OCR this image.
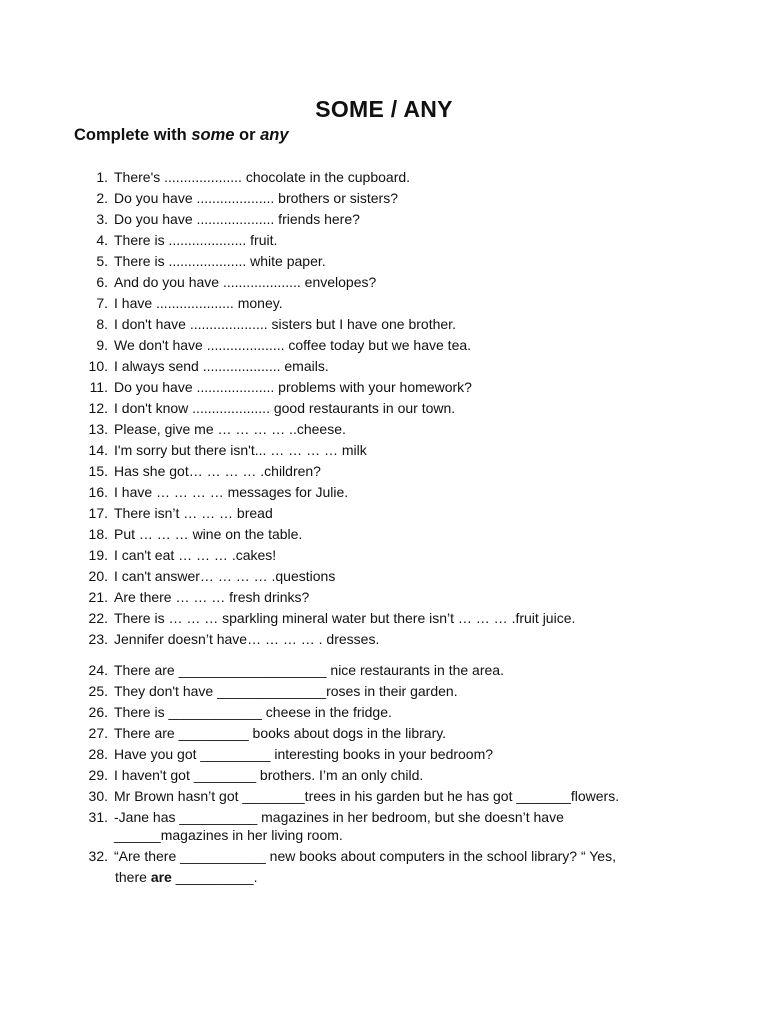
SOME / ANY
Complete with some or any
1. There's .................... chocolate in the cupboard.
2. Do you have .................... brothers or sisters?
3. Do you have .................... friends here?
4. There is .................... fruit.
5. There is .................... white paper.
6. And do you have .................... envelopes?
7. I have .................... money.
8. I don't have .................... sisters but I have one brother.
9. We don't have .................... coffee today but we have tea.
10. I always send .................... emails.
11. Do you have .................... problems with your homework?
12. I don't know .................... good restaurants in our town.
13. Please, give me … … … … ..cheese.
14. I'm sorry but there isn't... … … … … milk
15. Has she got… … … … .children?
16. I have … … … … messages for Julie.
17. There isn’t … … … bread
18. Put … … … wine on the table.
19. I can't eat … … … .cakes!
20. I can't answer… … … … .questions
21. Are there … … … fresh drinks?
22. There is … … … sparkling mineral water but there isn’t … … … .fruit juice.
23. Jennifer doesn’t have… … … … . dresses.
24. There are ___________________ nice restaurants in the area.
25. They don't have ______________roses in their garden.
26. There is ____________ cheese in the fridge.
27. There are _________ books about dogs in the library.
28. Have you got _________ interesting books in your bedroom?
29. I haven't got ________ brothers. I’m an only child.
30. Mr Brown hasn’t got ________trees in his garden but he has got _______flowers.
31. -Jane has __________ magazines in her bedroom, but she doesn’t have
______magazines in her living room.
32. “Are there ___________ new books about computers in the school library? “ Yes,
there are __________.
